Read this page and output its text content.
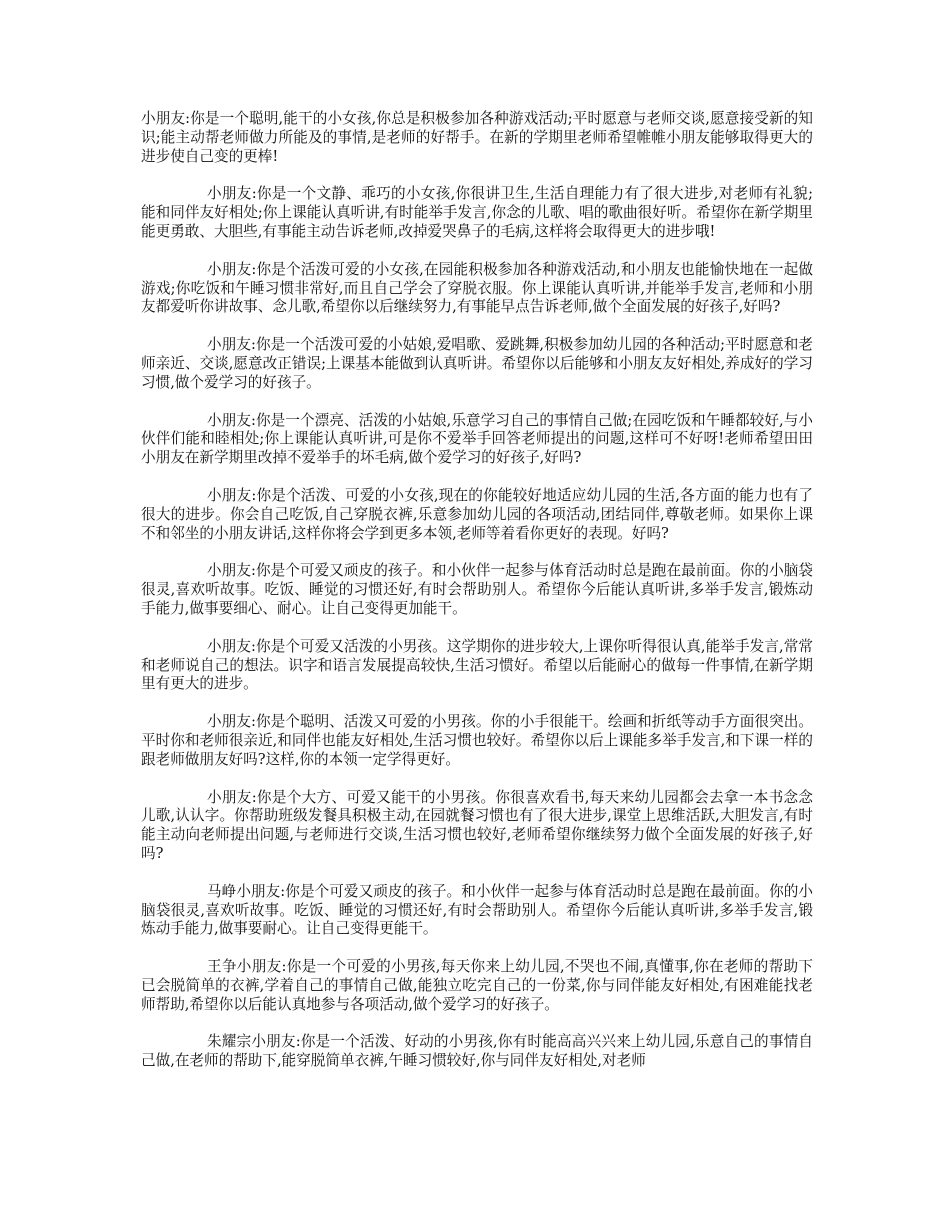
小朋友:你是一个聪明,能干的小女孩,你总是积极参加各种游戏活动;平时愿意与老师交谈,愿意接受新的知识;能主动帮老师做力所能及的事情,是老师的好帮手。在新的学期里老师希望帷帷小朋友能够取得更大的进步使自己变的更棒!

小朋友:你是一个文静、乖巧的小女孩,你很讲卫生,生活自理能力有了很大进步,对老师有礼貌;能和同伴友好相处;你上课能认真听讲,有时能举手发言,你念的儿歌、唱的歌曲很好听。希望你在新学期里能更勇敢、大胆些,有事能主动告诉老师,改掉爱哭鼻子的毛病,这样将会取得更大的进步哦!

小朋友:你是个活泼可爱的小女孩,在园能积极参加各种游戏活动,和小朋友也能愉快地在一起做游戏;你吃饭和午睡习惯非常好,而且自己学会了穿脱衣服。你上课能认真听讲,并能举手发言,老师和小朋友都爱听你讲故事、念儿歌,希望你以后继续努力,有事能早点告诉老师,做个全面发展的好孩子,好吗?

小朋友:你是一个活泼可爱的小姑娘,爱唱歌、爱跳舞,积极参加幼儿园的各种活动;平时愿意和老师亲近、交谈,愿意改正错误;上课基本能做到认真听讲。希望你以后能够和小朋友友好相处,养成好的学习习惯,做个爱学习的好孩子。

小朋友:你是一个漂亮、活泼的小姑娘,乐意学习自己的事情自己做;在园吃饭和午睡都较好,与小伙伴们能和睦相处;你上课能认真听讲,可是你不爱举手回答老师提出的问题,这样可不好呀!老师希望田田小朋友在新学期里改掉不爱举手的坏毛病,做个爱学习的好孩子,好吗?

小朋友:你是个活泼、可爱的小女孩,现在的你能较好地适应幼儿园的生活,各方面的能力也有了很大的进步。你会自己吃饭,自己穿脱衣裤,乐意参加幼儿园的各项活动,团结同伴,尊敬老师。如果你上课不和邻坐的小朋友讲话,这样你将会学到更多本领,老师等着看你更好的表现。好吗?

小朋友:你是个可爱又顽皮的孩子。和小伙伴一起参与体育活动时总是跑在最前面。你的小脑袋很灵,喜欢听故事。吃饭、睡觉的习惯还好,有时会帮助别人。希望你今后能认真听讲,多举手发言,锻炼动手能力,做事要细心、耐心。让自己变得更加能干。

小朋友:你是个可爱又活泼的小男孩。这学期你的进步较大,上课你听得很认真,能举手发言,常常和老师说自己的想法。识字和语言发展提高较快,生活习惯好。希望以后能耐心的做每一件事情,在新学期里有更大的进步。

小朋友:你是个聪明、活泼又可爱的小男孩。你的小手很能干。绘画和折纸等动手方面很突出。平时你和老师很亲近,和同伴也能友好相处,生活习惯也较好。希望你以后上课能多举手发言,和下课一样的跟老师做朋友好吗?这样,你的本领一定学得更好。

小朋友:你是个大方、可爱又能干的小男孩。你很喜欢看书,每天来幼儿园都会去拿一本书念念儿歌,认认字。你帮助班级发餐具积极主动,在园就餐习惯也有了很大进步,课堂上思维活跃,大胆发言,有时能主动向老师提出问题,与老师进行交谈,生活习惯也较好,老师希望你继续努力做个全面发展的好孩子,好吗?

马峥小朋友:你是个可爱又顽皮的孩子。和小伙伴一起参与体育活动时总是跑在最前面。你的小脑袋很灵,喜欢听故事。吃饭、睡觉的习惯还好,有时会帮助别人。希望你今后能认真听讲,多举手发言,锻炼动手能力,做事要耐心。让自己变得更能干。

王争小朋友:你是一个可爱的小男孩,每天你来上幼儿园,不哭也不闹,真懂事,你在老师的帮助下已会脱简单的衣裤,学着自己的事情自己做,能独立吃完自己的一份菜,你与同伴能友好相处,有困难能找老师帮助,希望你以后能认真地参与各项活动,做个爱学习的好孩子。

朱耀宗小朋友:你是一个活泼、好动的小男孩,你有时能高高兴兴来上幼儿园,乐意自己的事情自己做,在老师的帮助下,能穿脱简单衣裤,午睡习惯较好,你与同伴友好相处,对老师
